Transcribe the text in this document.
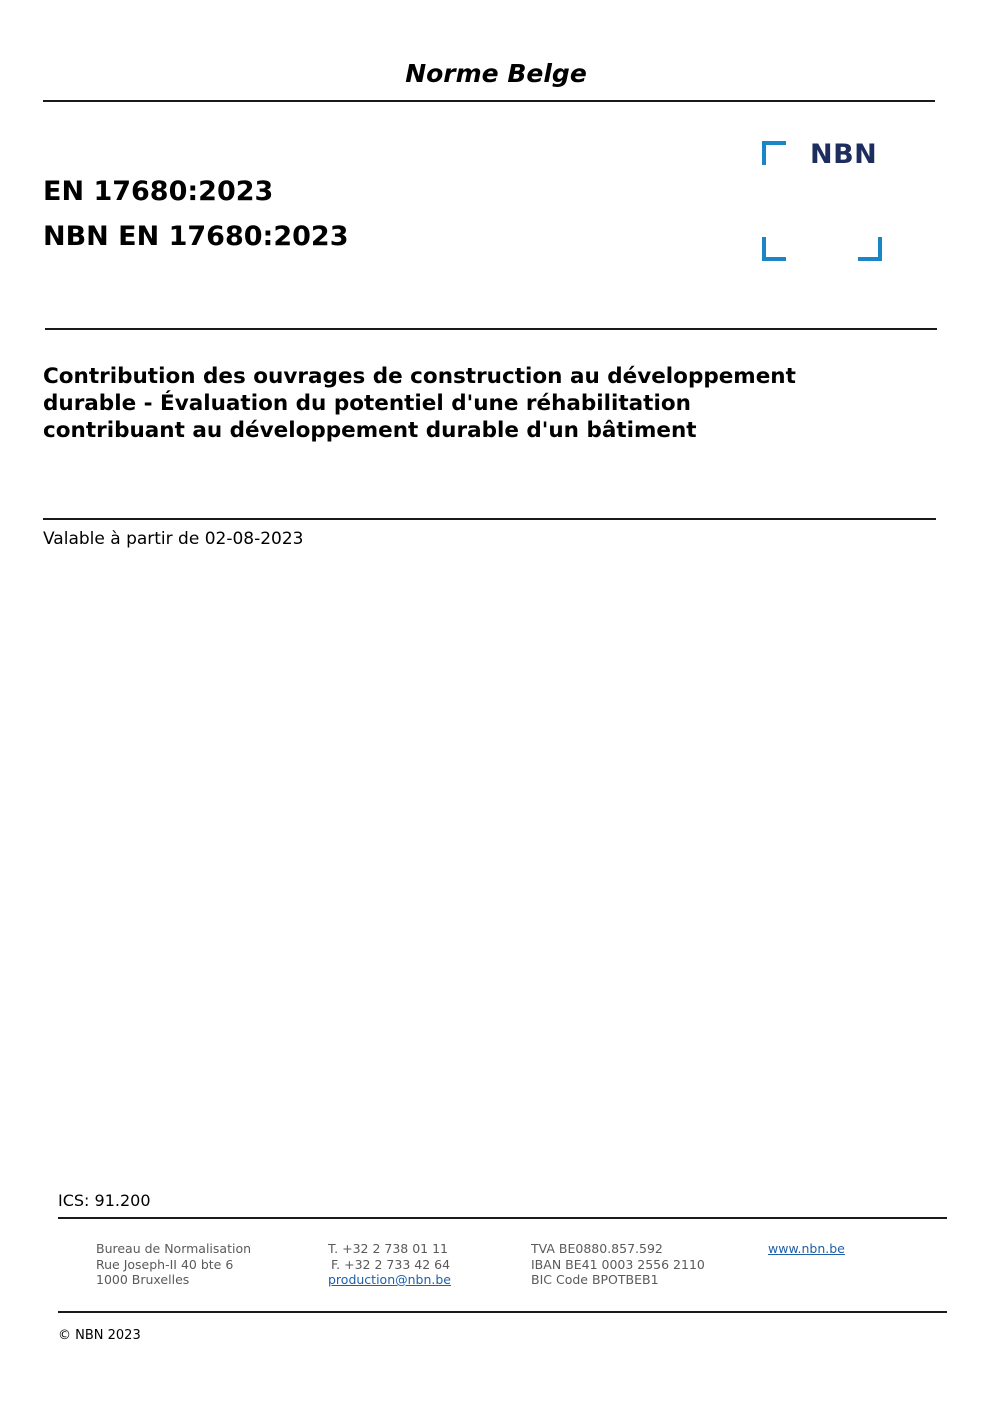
Norme Belge
EN 17680:2023
NBN EN 17680:2023
NBN
Contribution des ouvrages de construction au développement
durable - Évaluation du potentiel d'une réhabilitation
contribuant au développement durable d'un bâtiment
Valable à partir de 02-08-2023
ICS: 91.200
Bureau de Normalisation
Rue Joseph-II 40 bte 6
1000 Bruxelles
T. +32 2 738 01 11
F. +32 2 733 42 64
production@nbn.be
TVA BE0880.857.592
IBAN BE41 0003 2556 2110
BIC Code BPOTBEB1
www.nbn.be
© NBN 2023
